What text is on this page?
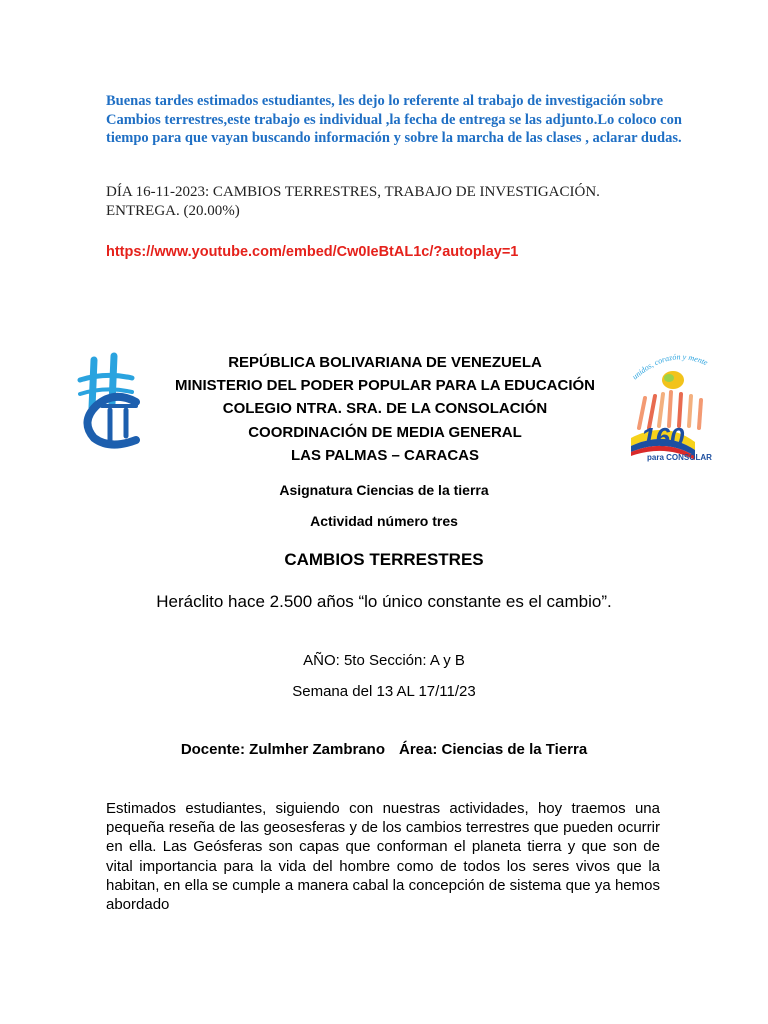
Buenas tardes estimados estudiantes, les dejo lo referente al trabajo de investigación sobre Cambios terrestres,este trabajo es individual ,la fecha de entrega se las adjunto.Lo coloco con tiempo para que vayan buscando información y sobre la marcha de las clases , aclarar dudas.

DÍA 16-11-2023: CAMBIOS TERRESTRES, TRABAJO DE INVESTIGACIÓN. ENTREGA. (20.00%)

https://www.youtube.com/embed/Cw0IeBtAL1c/?autoplay=1
REPÚBLICA BOLIVARIANA DE VENEZUELA
MINISTERIO DEL PODER POPULAR PARA LA EDUCACIÓN
COLEGIO NTRA. SRA. DE LA CONSOLACIÓN
COORDINACIÓN DE MEDIA GENERAL
LAS PALMAS – CARACAS
unidos, corazón y mente
160
para CONSOLAR

Asignatura Ciencias de la tierra

Actividad número tres

CAMBIOS TERRESTRES

Heráclito hace 2.500 años “lo único constante es el cambio”.

AÑO: 5to Sección: A y B

Semana del 13 AL 17/11/23

Docente: Zulmher Zambrano Área: Ciencias de la Tierra

Estimados estudiantes, siguiendo con nuestras actividades, hoy traemos una pequeña reseña de las geosesferas y de los cambios terrestres que pueden ocurrir en ella. Las Geósferas son capas que conforman el planeta tierra y que son de vital importancia para la vida del hombre como de todos los seres vivos que la habitan, en ella se cumple a manera cabal la concepción de sistema que ya hemos abordado
